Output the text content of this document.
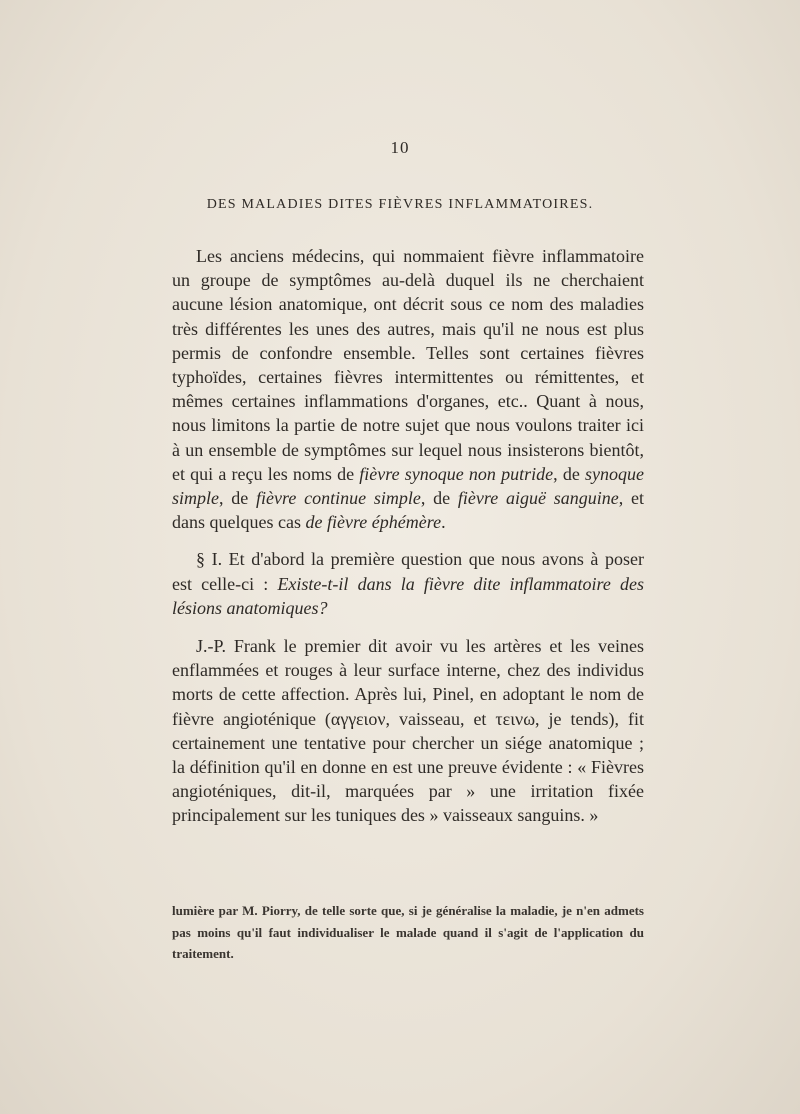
10
DES MALADIES DITES FIÈVRES INFLAMMATOIRES.

Les anciens médecins, qui nommaient fièvre inflammatoire un groupe de symptômes au-delà duquel ils ne cherchaient aucune lésion anatomique, ont décrit sous ce nom des maladies très différentes les unes des autres, mais qu'il ne nous est plus permis de confondre ensemble. Telles sont certaines fièvres typhoïdes, certaines fièvres intermittentes ou rémittentes, et mêmes certaines inflammations d'organes, etc.. Quant à nous, nous limitons la partie de notre sujet que nous voulons traiter ici à un ensemble de symptômes sur lequel nous insisterons bientôt, et qui a reçu les noms de fièvre synoque non putride, de synoque simple, de fièvre continue simple, de fièvre aiguë sanguine, et dans quelques cas de fièvre éphémère.

§ I. Et d'abord la première question que nous avons à poser est celle-ci : Existe-t-il dans la fièvre dite inflammatoire des lésions anatomiques?

J.-P. Frank le premier dit avoir vu les artères et les veines enflammées et rouges à leur surface interne, chez des individus morts de cette affection. Après lui, Pinel, en adoptant le nom de fièvre angioténique (αγγειον, vaisseau, et τεινω, je tends), fit certainement une tentative pour chercher un siége anatomique ; la définition qu'il en donne en est une preuve évidente : « Fièvres angioténiques, dit-il, marquées par » une irritation fixée principalement sur les tuniques des » vaisseaux sanguins. »

lumière par M. Piorry, de telle sorte que, si je généralise la maladie, je n'en admets pas moins qu'il faut individualiser le malade quand il s'agit de l'application du traitement.
